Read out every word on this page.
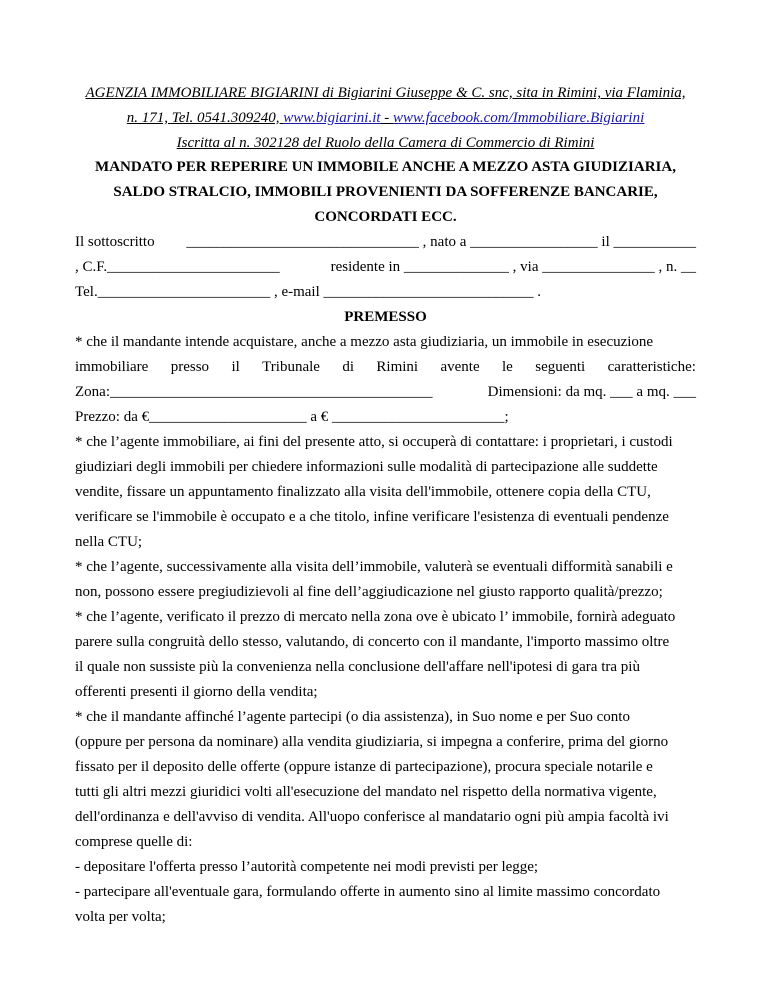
AGENZIA IMMOBILIARE BIGIARINI di Bigiarini Giuseppe & C. snc, sita in Rimini, via Flaminia,
n. 171, Tel. 0541.309240, www.bigiarini.it - www.facebook.com/Immobiliare.Bigiarini
Iscritta al n. 302128 del Ruolo della Camera di Commercio di Rimini
MANDATO PER REPERIRE UN IMMOBILE ANCHE A MEZZO ASTA GIUDIZIARIA,
SALDO STRALCIO, IMMOBILI PROVENIENTI DA SOFFERENZE BANCARIE,
CONCORDATI ECC.
Il sottoscritto _______________________________ , nato a _________________ il ___________
, C.F._______________________	residente in ______________ , via _______________ , n. __
Tel._______________________ , e-mail ____________________________ .
PREMESSO
* che il mandante intende acquistare, anche a mezzo asta giudiziaria, un immobile in esecuzione
immobiliare presso il Tribunale di Rimini avente le seguenti caratteristiche:
Zona:___________________________________________	Dimensioni: da mq. ___ a mq. ___
Prezzo: da €_____________________ a € _______________________;
* che l’agente immobiliare, ai fini del presente atto, si occuperà di contattare: i proprietari, i custodi
giudiziari degli immobili per chiedere informazioni sulle modalità di partecipazione alle suddette
vendite, fissare un appuntamento finalizzato alla visita dell'immobile, ottenere copia della CTU,
verificare se l'immobile è occupato e a che titolo, infine verificare l'esistenza di eventuali pendenze
nella CTU;
* che l’agente, successivamente alla visita dell’immobile, valuterà se eventuali difformità sanabili e
non, possono essere pregiudizievoli al fine dell’aggiudicazione nel giusto rapporto qualità/prezzo;
* che l’agente, verificato il prezzo di mercato nella zona ove è ubicato l’ immobile, fornirà adeguato
parere sulla congruità dello stesso, valutando, di concerto con il mandante, l'importo massimo oltre
il quale non sussiste più la convenienza nella conclusione dell'affare nell'ipotesi di gara tra più
offerenti presenti il giorno della vendita;
* che il mandante affinché l’agente partecipi (o dia assistenza), in Suo nome e per Suo conto
(oppure per persona da nominare) alla vendita giudiziaria, si impegna a conferire, prima del giorno
fissato per il deposito delle offerte (oppure istanze di partecipazione), procura speciale notarile e
tutti gli altri mezzi giuridici volti all'esecuzione del mandato nel rispetto della normativa vigente,
dell'ordinanza e dell'avviso di vendita. All'uopo conferisce al mandatario ogni più ampia facoltà ivi
comprese quelle di:
- depositare l'offerta presso l’autorità competente nei modi previsti per legge;
- partecipare all'eventuale gara, formulando offerte in aumento sino al limite massimo concordato
volta per volta;
